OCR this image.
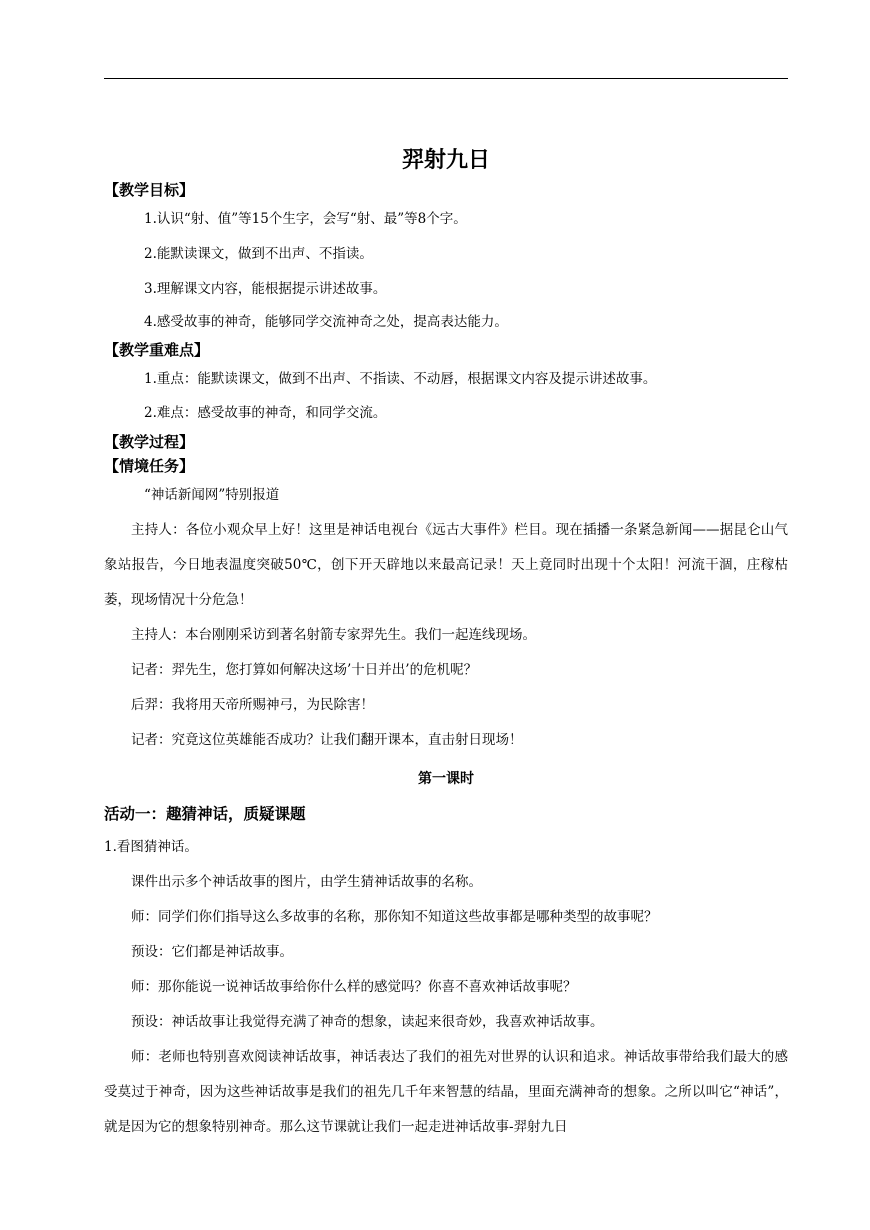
羿射九日
【教学目标】

1.认识“射、值”等15个生字，会写“射、最”等8个字。

2.能默读课文，做到不出声、不指读。

3.理解课文内容，能根据提示讲述故事。

4.感受故事的神奇，能够同学交流神奇之处，提高表达能力。

【教学重难点】

1.重点：能默读课文，做到不出声、不指读、不动唇，根据课文内容及提示讲述故事。

2.难点：感受故事的神奇，和同学交流。

【教学过程】
【情境任务】

“神话新闻网”特别报道

主持人：各位小观众早上好！这里是神话电视台《远古大事件》栏目。现在插播一条紧急新闻——据昆仑山气象站报告，今日地表温度突破50℃，创下开天辟地以来最高记录！天上竟同时出现十个太阳！河流干涸，庄稼枯萎，现场情况十分危急！

主持人：本台刚刚采访到著名射箭专家羿先生。我们一起连线现场。

记者：羿先生，您打算如何解决这场’十日并出’的危机呢？

后羿：我将用天帝所赐神弓，为民除害！

记者：究竟这位英雄能否成功？让我们翻开课本，直击射日现场！

第一课时
活动一：趣猜神话，质疑课题

1.看图猜神话。

课件出示多个神话故事的图片，由学生猜神话故事的名称。

师：同学们你们指导这么多故事的名称，那你知不知道这些故事都是哪种类型的故事呢？

预设：它们都是神话故事。

师：那你能说一说神话故事给你什么样的感觉吗？你喜不喜欢神话故事呢？

预设：神话故事让我觉得充满了神奇的想象，读起来很奇妙，我喜欢神话故事。

师：老师也特别喜欢阅读神话故事，神话表达了我们的祖先对世界的认识和追求。神话故事带给我们最大的感受莫过于神奇，因为这些神话故事是我们的祖先几千年来智慧的结晶，里面充满神奇的想象。之所以叫它“神话”，就是因为它的想象特别神奇。那么这节课就让我们一起走进神话故事-羿射九日
